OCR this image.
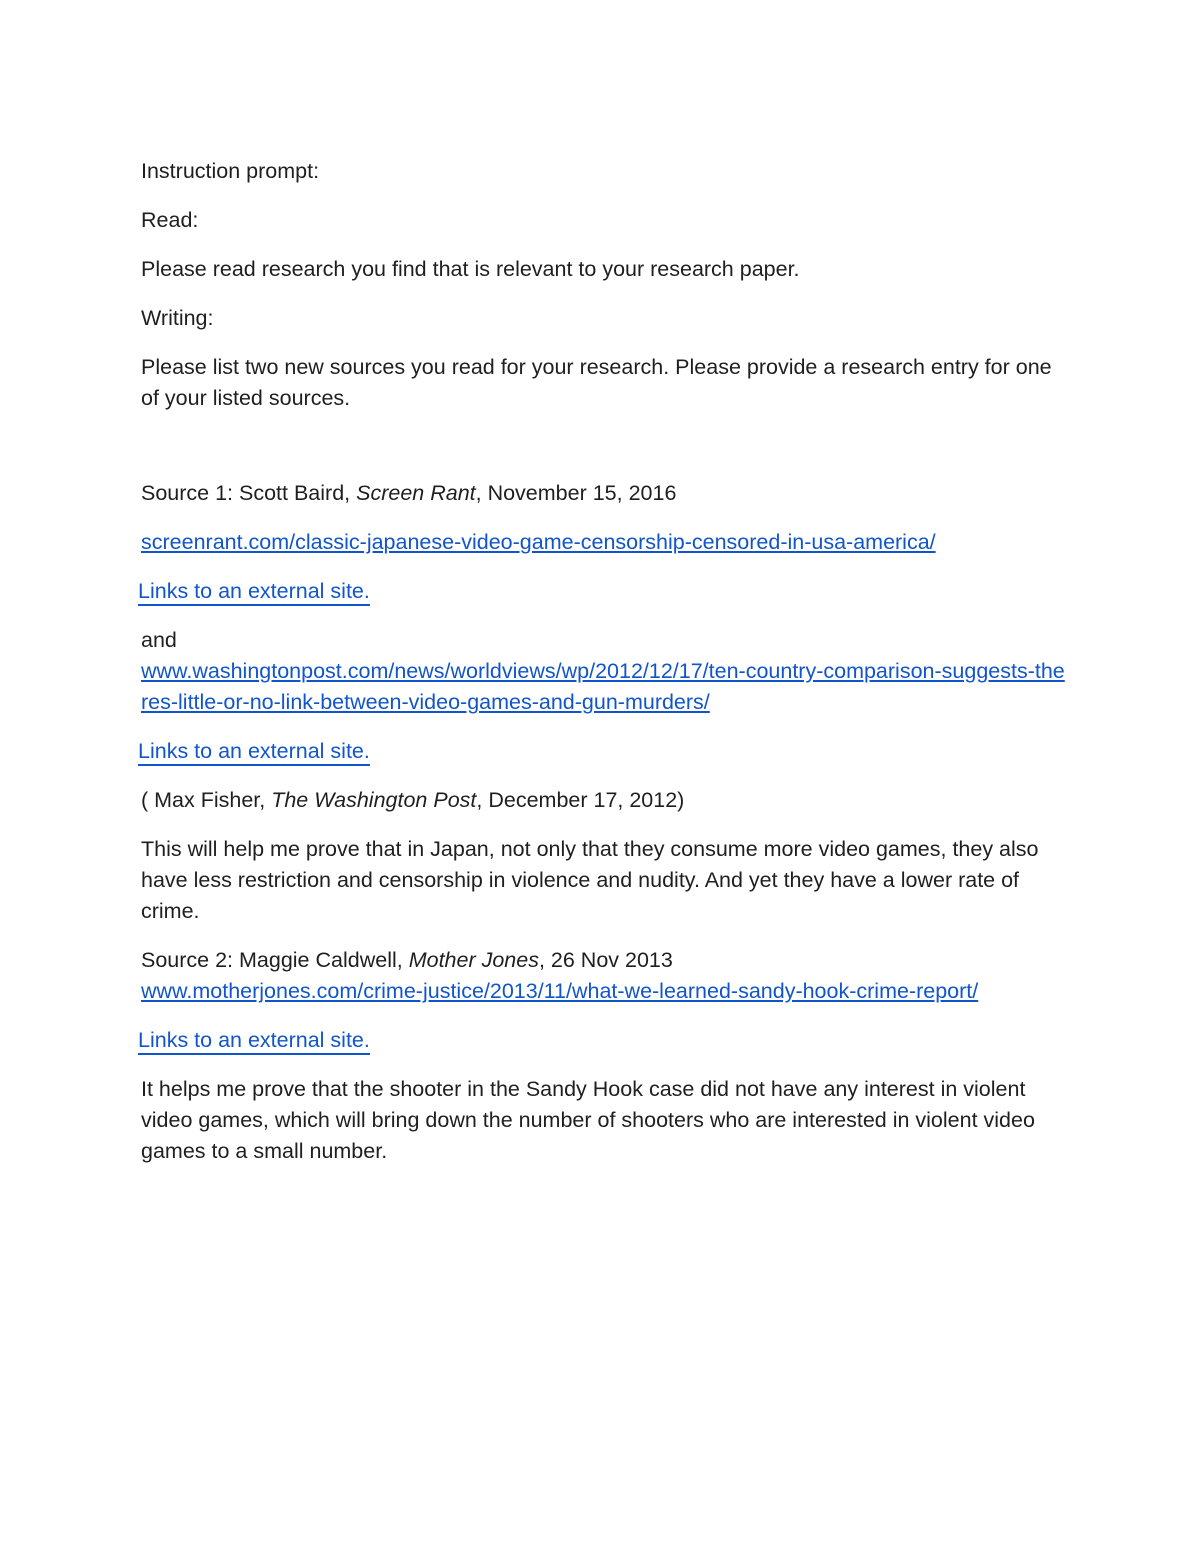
Instruction prompt:

Read:

Please read research you find that is relevant to your research paper.

Writing:

Please list two new sources you read for your research. Please provide a research entry for one of your listed sources.

Source 1: Scott Baird, Screen Rant, November 15, 2016

screenrant.com/classic-japanese-video-game-censorship-censored-in-usa-america/

Links to an external site.

and

www.washingtonpost.com/news/worldviews/wp/2012/12/17/ten-country-comparison-suggests-theres-little-or-no-link-between-video-games-and-gun-murders/

Links to an external site.

( Max Fisher, The Washington Post, December 17, 2012)

This will help me prove that in Japan, not only that they consume more video games, they also have less restriction and censorship in violence and nudity. And yet they have a lower rate of crime.

Source 2: Maggie Caldwell, Mother Jones, 26 Nov 2013

www.motherjones.com/crime-justice/2013/11/what-we-learned-sandy-hook-crime-report/

Links to an external site.

It helps me prove that the shooter in the Sandy Hook case did not have any interest in violent video games, which will bring down the number of shooters who are interested in violent video games to a small number.
